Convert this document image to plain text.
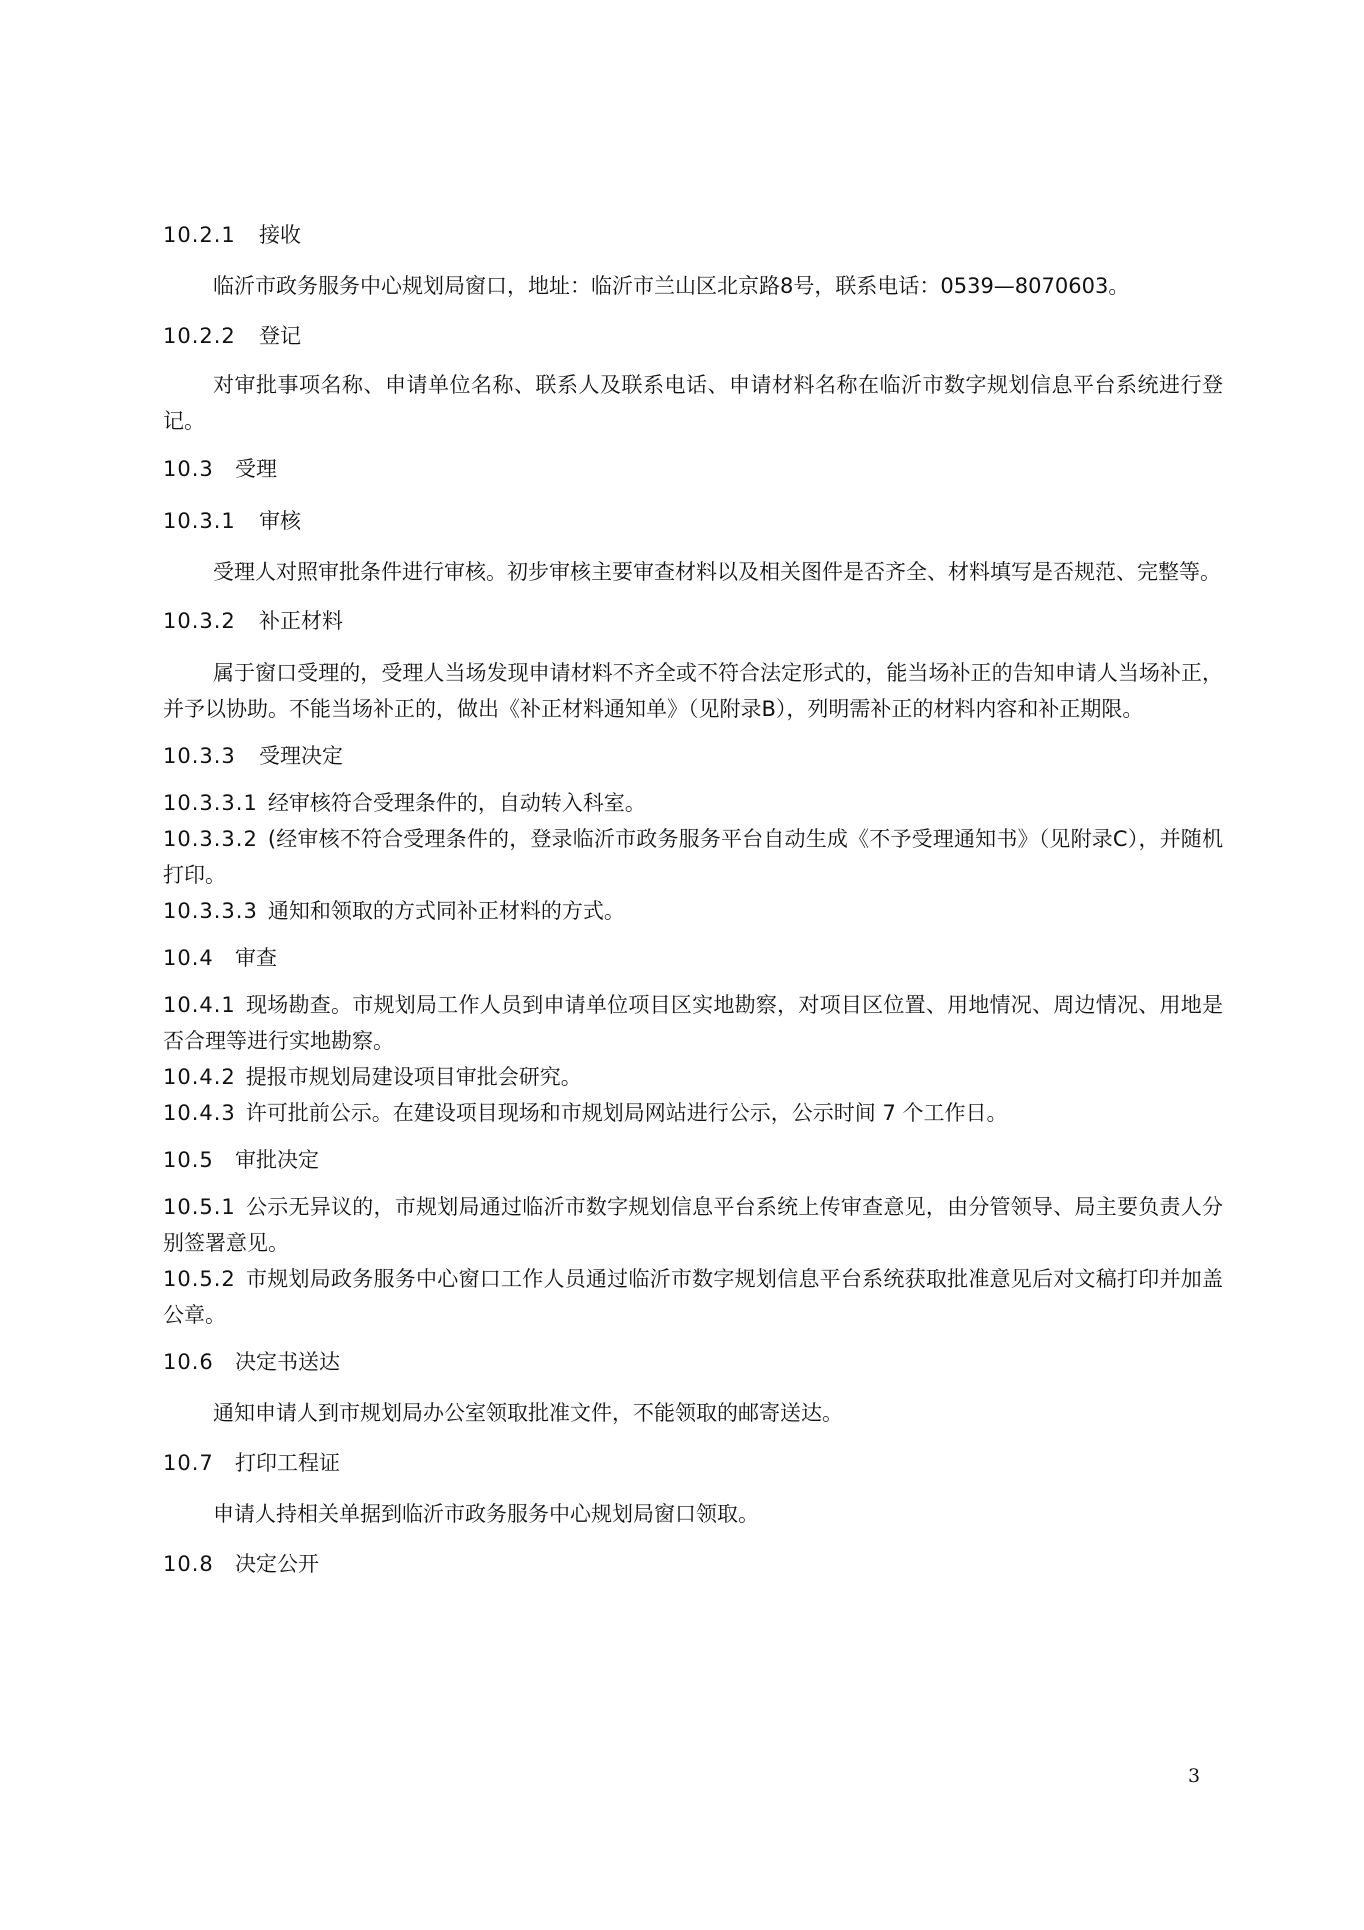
10.2.1 接收

临沂市政务服务中心规划局窗口，地址：临沂市兰山区北京路8号，联系电话：0539—8070603。

10.2.2 登记

对审批事项名称、申请单位名称、联系人及联系电话、申请材料名称在临沂市数字规划信息平台系统进行登记。

10.3 受理
10.3.1 审核

受理人对照审批条件进行审核。初步审核主要审查材料以及相关图件是否齐全、材料填写是否规范、完整等。

10.3.2 补正材料

属于窗口受理的，受理人当场发现申请材料不齐全或不符合法定形式的，能当场补正的告知申请人当场补正，并予以协助。不能当场补正的，做出《补正材料通知单》（见附录B），列明需补正的材料内容和补正期限。

10.3.3 受理决定

10.3.3.1 经审核符合受理条件的，自动转入科室。

10.3.3.2 (经审核不符合受理条件的，登录临沂市政务服务平台自动生成《不予受理通知书》（见附录C），并随机打印。

10.3.3.3 通知和领取的方式同补正材料的方式。

10.4 审查

10.4.1 现场勘查。市规划局工作人员到申请单位项目区实地勘察，对项目区位置、用地情况、周边情况、用地是否合理等进行实地勘察。

10.4.2 提报市规划局建设项目审批会研究。

10.4.3 许可批前公示。在建设项目现场和市规划局网站进行公示，公示时间 7 个工作日。

10.5 审批决定

10.5.1 公示无异议的，市规划局通过临沂市数字规划信息平台系统上传审查意见，由分管领导、局主要负责人分别签署意见。

10.5.2 市规划局政务服务中心窗口工作人员通过临沂市数字规划信息平台系统获取批准意见后对文稿打印并加盖公章。

10.6 决定书送达

通知申请人到市规划局办公室领取批准文件，不能领取的邮寄送达。

10.7 打印工程证

申请人持相关单据到临沂市政务服务中心规划局窗口领取。

10.8 决定公开
3
